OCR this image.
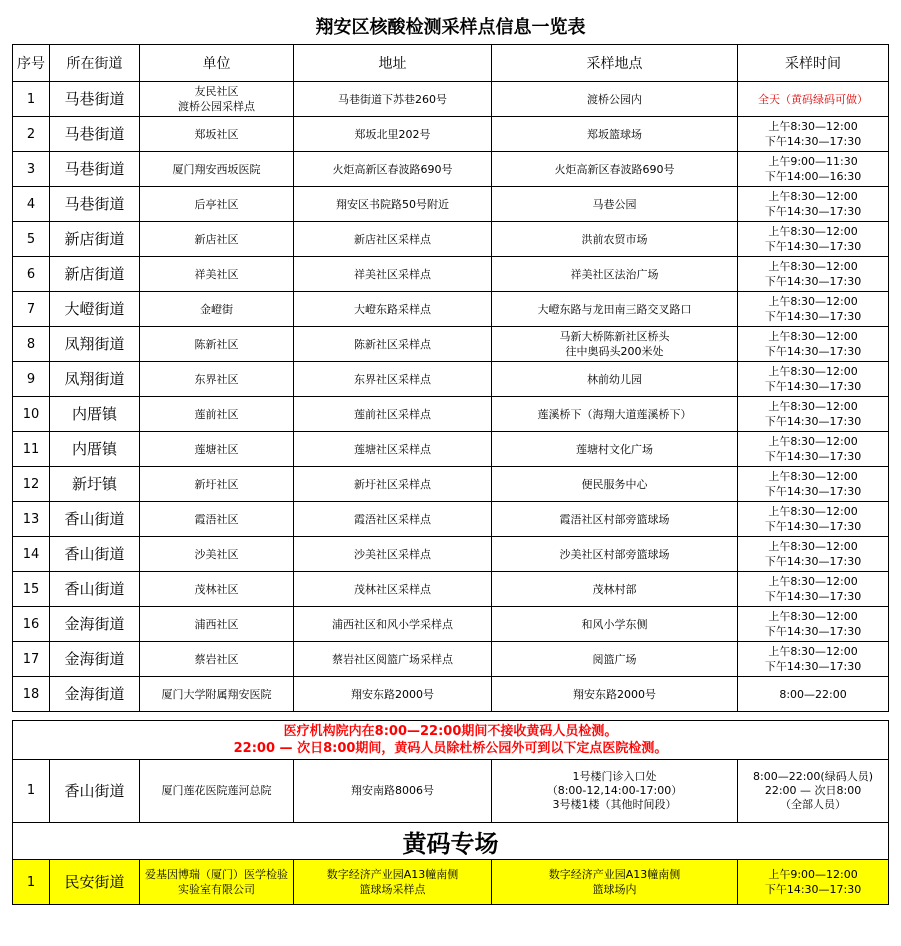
翔安区核酸检测采样点信息一览表					
序号	所在街道	单位	地址	采样地点	采样时间
1	马巷街道	友民社区
渡桥公园采样点	马巷街道下苏巷260号	渡桥公园内	全天（黄码绿码可做）
2	马巷街道	郑坂社区	郑坂北里202号	郑坂篮球场	上午8:30—12:00
下午14:30—17:30
3	马巷街道	厦门翔安西坂医院	火炬高新区春波路690号	火炬高新区春波路690号	上午9:00—11:30
下午14:00—16:30
4	马巷街道	后亭社区	翔安区书院路50号附近	马巷公园	上午8:30—12:00
下午14:30—17:30
5	新店街道	新店社区	新店社区采样点	洪前农贸市场	上午8:30—12:00
下午14:30—17:30
6	新店街道	祥美社区	祥美社区采样点	祥美社区法治广场	上午8:30—12:00
下午14:30—17:30
7	大嶝街道	金嶝街	大嶝东路采样点	大嶝东路与龙田南三路交叉路口	上午8:30—12:00
下午14:30—17:30
8	凤翔街道	陈新社区	陈新社区采样点	马新大桥陈新社区桥头
往中奥码头200米处	上午8:30—12:00
下午14:30—17:30
9	凤翔街道	东界社区	东界社区采样点	林前幼儿园	上午8:30—12:00
下午14:30—17:30
10	内厝镇	莲前社区	莲前社区采样点	莲溪桥下（海翔大道莲溪桥下）	上午8:30—12:00
下午14:30—17:30
11	内厝镇	莲塘社区	莲塘社区采样点	莲塘村文化广场	上午8:30—12:00
下午14:30—17:30
12	新圩镇	新圩社区	新圩社区采样点	便民服务中心	上午8:30—12:00
下午14:30—17:30
13	香山街道	霞浯社区	霞浯社区采样点	霞浯社区村部旁篮球场	上午8:30—12:00
下午14:30—17:30
14	香山街道	沙美社区	沙美社区采样点	沙美社区村部旁篮球场	上午8:30—12:00
下午14:30—17:30
15	香山街道	茂林社区	茂林社区采样点	茂林村部	上午8:30—12:00
下午14:30—17:30
16	金海街道	浦西社区	浦西社区和风小学采样点	和风小学东侧	上午8:30—12:00
下午14:30—17:30
17	金海街道	蔡岩社区	蔡岩社区阅篮广场采样点	阅篮广场	上午8:30—12:00
下午14:30—17:30
18	金海街道	厦门大学附属翔安医院	翔安东路2000号	翔安东路2000号	8:00—22:00

医疗机构院内在8:00—22:00期间不接收黄码人员检测。
22:00 — 次日8:00期间，黄码人员除杜桥公园外可到以下定点医院检测。					

1	香山街道	厦门莲花医院莲河总院	翔安南路8006号	1号楼门诊入口处
（8:00-12,14:00-17:00）
3号楼1楼（其他时间段）	8:00—22:00(绿码人员)
22:00 — 次日8:00
（全部人员）
黄码专场					
1	民安街道	爱基因博瑞（厦门）医学检验实验室有限公司	数字经济产业园A13幢南侧
篮球场采样点	数字经济产业园A13幢南侧
篮球场内	上午9:00—12:00
下午14:30—17:30
